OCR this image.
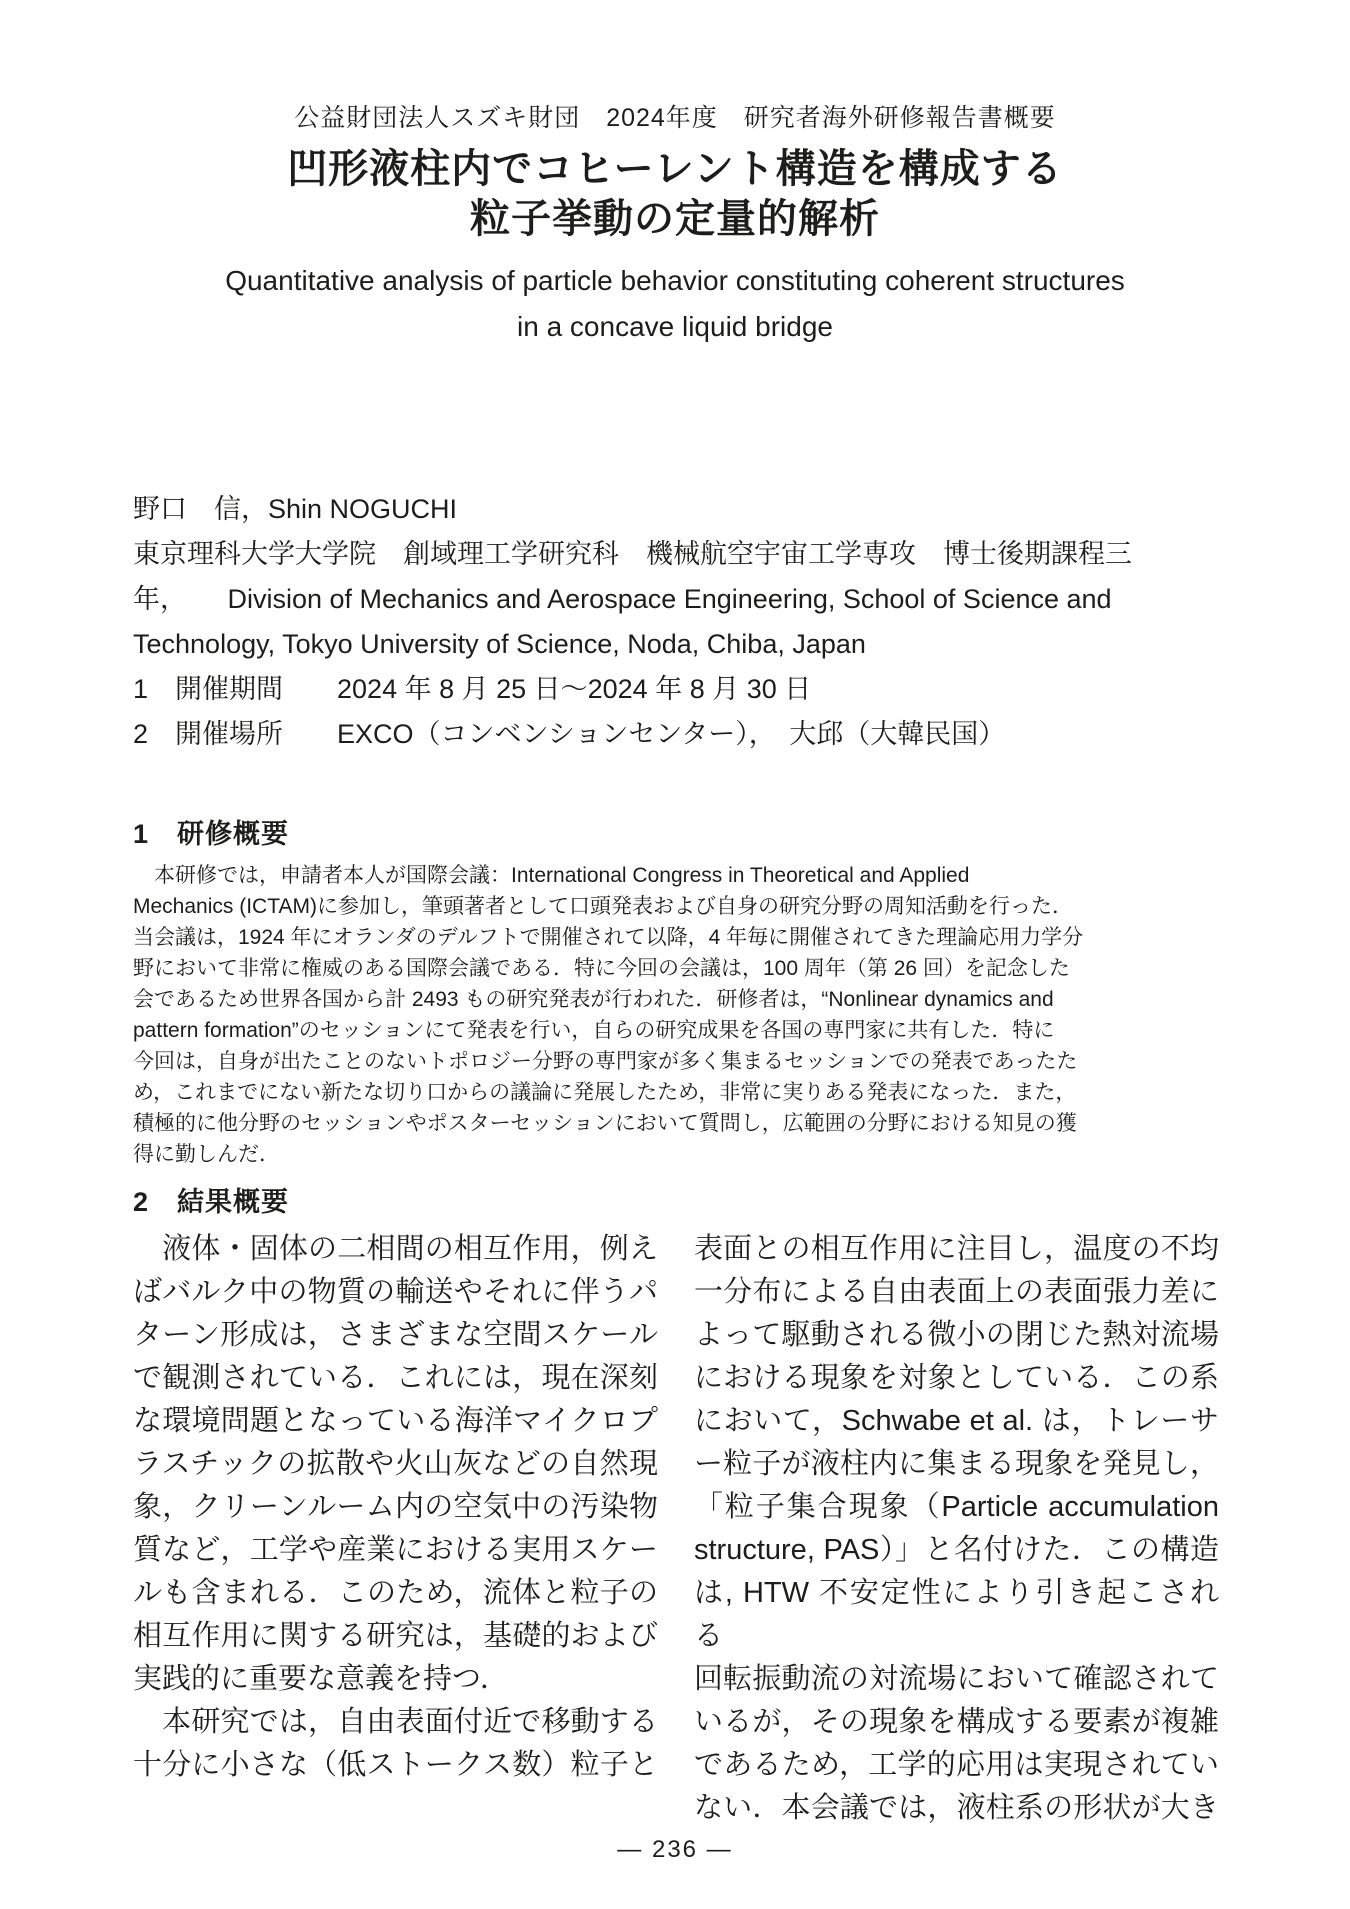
公益財団法人スズキ財団　2024年度　研究者海外研修報告書概要
凹形液柱内でコヒーレント構造を構成する
粒子挙動の定量的解析
Quantitative analysis of particle behavior constituting coherent structures
in a concave liquid bridge
野口　信，Shin NOGUCHI
東京理科大学大学院　創域理工学研究科　機械航空宇宙工学専攻　博士後期課程三
年，　　Division of Mechanics and Aerospace Engineering, School of Science and
Technology, Tokyo University of Science, Noda, Chiba, Japan
1　開催期間　　2024 年 8 月 25 日～2024 年 8 月 30 日
2　開催場所　　EXCO（コンベンションセンター），　大邱（大韓民国）
1　研修概要
　本研修では，申請者本人が国際会議：International Congress in Theoretical and Applied
Mechanics (ICTAM)に参加し，筆頭著者として口頭発表および自身の研究分野の周知活動を行った．
当会議は，1924 年にオランダのデルフトで開催されて以降，4 年毎に開催されてきた理論応用力学分
野において非常に権威のある国際会議である．特に今回の会議は，100 周年（第 26 回）を記念した
会であるため世界各国から計 2493 もの研究発表が行われた．研修者は，“Nonlinear dynamics and
pattern formation”のセッションにて発表を行い，自らの研究成果を各国の専門家に共有した．特に
今回は，自身が出たことのないトポロジー分野の専門家が多く集まるセッションでの発表であったた
め，これまでにない新たな切り口からの議論に発展したため，非常に実りある発表になった．また，
積極的に他分野のセッションやポスターセッションにおいて質問し，広範囲の分野における知見の獲
得に勤しんだ．
2　結果概要
　液体・固体の二相間の相互作用，例え
ばバルク中の物質の輸送やそれに伴うパ
ターン形成は，さまざまな空間スケール
で観測されている．これには，現在深刻
な環境問題となっている海洋マイクロプ
ラスチックの拡散や火山灰などの自然現
象，クリーンルーム内の空気中の汚染物
質など，工学や産業における実用スケー
ルも含まれる．このため，流体と粒子の
相互作用に関する研究は，基礎的および
実践的に重要な意義を持つ．
　本研究では，自由表面付近で移動する
十分に小さな（低ストークス数）粒子と
表面との相互作用に注目し，温度の不均
一分布による自由表面上の表面張力差に
よって駆動される微小の閉じた熱対流場
における現象を対象としている．この系
において，Schwabe et al. は，トレーサ
ー粒子が液柱内に集まる現象を発見し，
「粒子集合現象（Particle accumulation
structure, PAS）」と名付けた．この構造
は, HTW 不安定性により引き起こされる
回転振動流の対流場において確認されて
いるが，その現象を構成する要素が複雑
であるため，工学的応用は実現されてい
ない．本会議では，液柱系の形状が大き
— 236 —
